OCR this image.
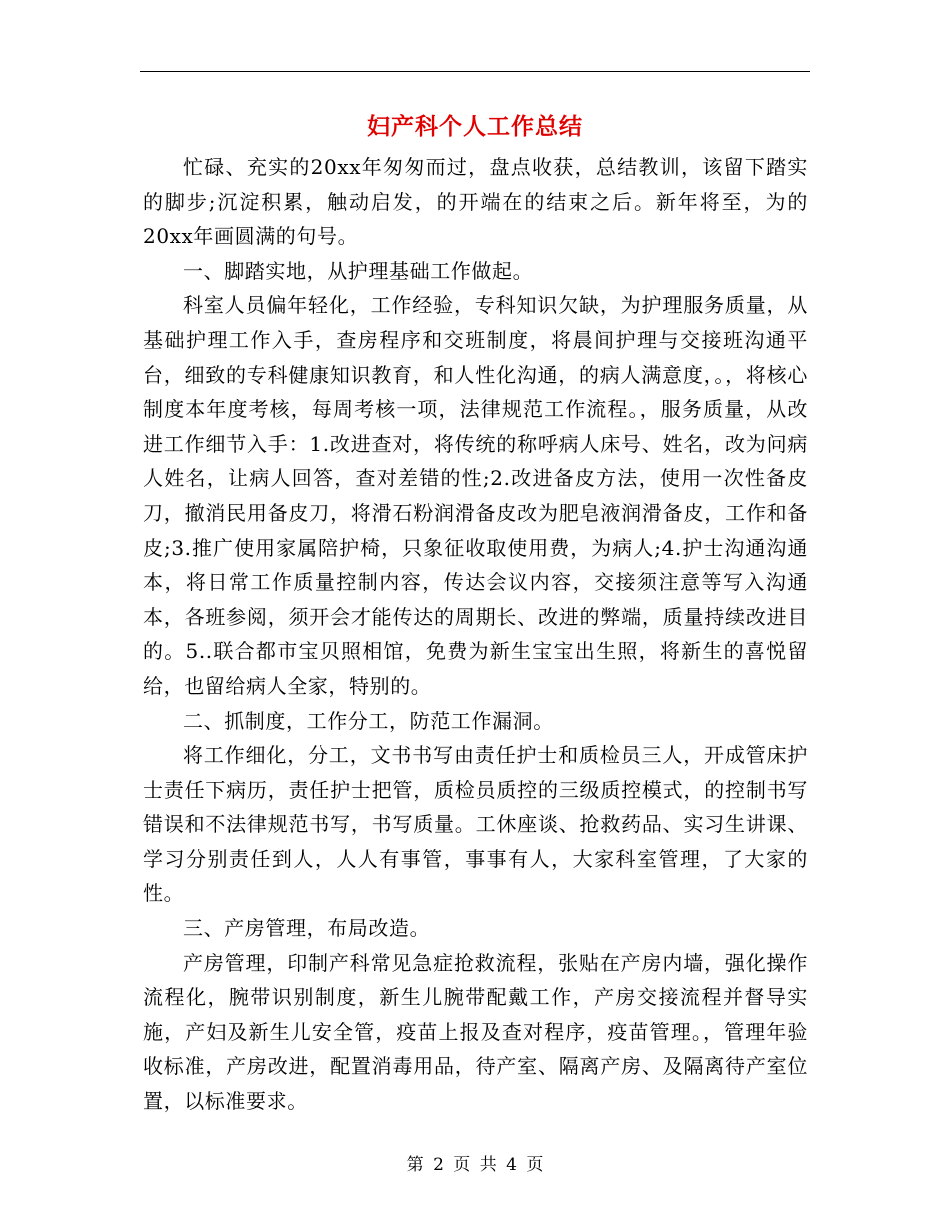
妇产科个人工作总结

忙碌、充实的20xx年匆匆而过，盘点收获，总结教训，该留下踏实的脚步;沉淀积累，触动启发，的开端在的结束之后。新年将至，为的20xx年画圆满的句号。

一、脚踏实地，从护理基础工作做起。

科室人员偏年轻化，工作经验，专科知识欠缺，为护理服务质量，从基础护理工作入手，查房程序和交班制度，将晨间护理与交接班沟通平台，细致的专科健康知识教育，和人性化沟通，的病人满意度，。，将核心制度本年度考核，每周考核一项，法律规范工作流程。，服务质量，从改进工作细节入手：1.改进查对，将传统的称呼病人床号、姓名，改为问病人姓名，让病人回答，查对差错的性;2.改进备皮方法，使用一次性备皮刀，撤消民用备皮刀，将滑石粉润滑备皮改为肥皂液润滑备皮，工作和备皮;3.推广使用家属陪护椅，只象征收取使用费，为病人;4.护士沟通沟通本，将日常工作质量控制内容，传达会议内容，交接须注意等写入沟通本，各班参阅，须开会才能传达的周期长、改进的弊端，质量持续改进目的。5..联合都市宝贝照相馆，免费为新生宝宝出生照，将新生的喜悦留给，也留给病人全家，特别的。

二、抓制度，工作分工，防范工作漏洞。

将工作细化，分工，文书书写由责任护士和质检员三人，开成管床护士责任下病历，责任护士把管，质检员质控的三级质控模式，的控制书写错误和不法律规范书写，书写质量。工休座谈、抢救药品、实习生讲课、学习分别责任到人，人人有事管，事事有人，大家科室管理，了大家的性。

三、产房管理，布局改造。

产房管理，印制产科常见急症抢救流程，张贴在产房内墙，强化操作流程化，腕带识别制度，新生儿腕带配戴工作，产房交接流程并督导实施，产妇及新生儿安全管，疫苗上报及查对程序，疫苗管理。，管理年验收标准，产房改进，配置消毒用品，待产室、隔离产房、及隔离待产室位置，以标准要求。

第 2 页 共 4 页
